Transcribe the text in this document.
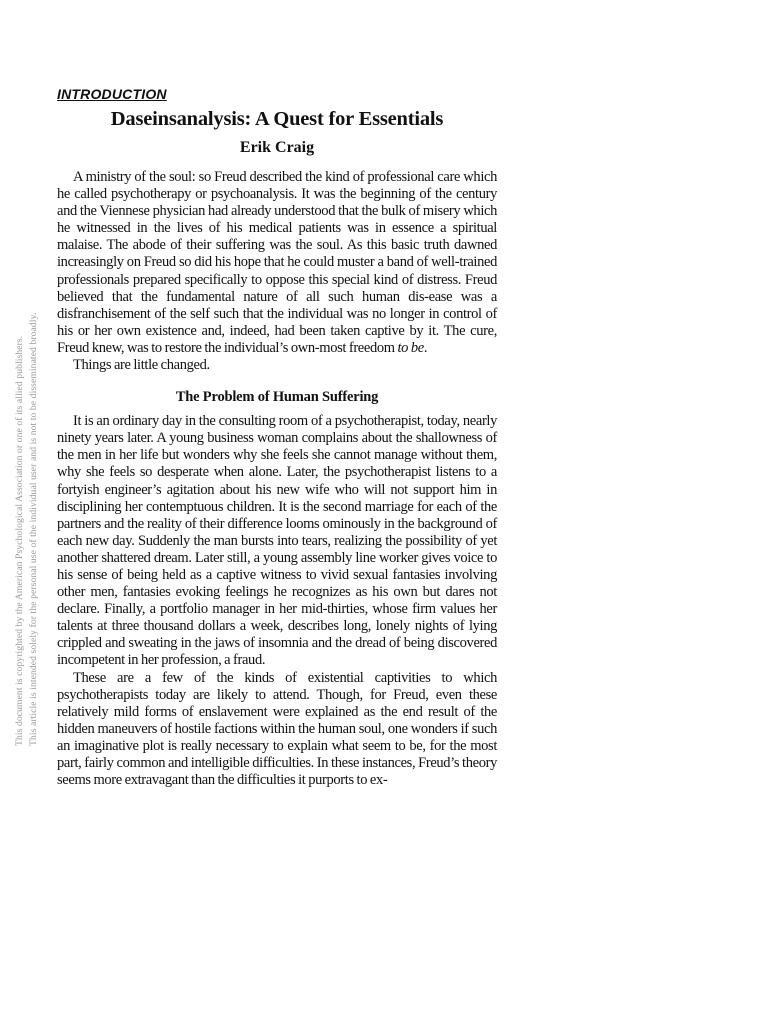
This document is copyrighted by the American Psychological Association or one of its allied publishers. This article is intended solely for the personal use of the individual user and is not to be disseminated broadly.
INTRODUCTION
Daseinsanalysis: A Quest for Essentials
Erik Craig

A ministry of the soul: so Freud described the kind of professional care which he called psychotherapy or psychoanalysis. It was the beginning of the century and the Viennese physician had already understood that the bulk of misery which he witnessed in the lives of his medical patients was in essence a spiritual malaise. The abode of their suffering was the soul. As this basic truth dawned increasingly on Freud so did his hope that he could muster a band of well-trained professionals prepared specifically to oppose this special kind of distress. Freud believed that the fundamental nature of all such human dis-ease was a disfranchisement of the self such that the individual was no longer in control of his or her own existence and, indeed, had been taken captive by it. The cure, Freud knew, was to restore the individual’s own-most freedom to be.

Things are little changed.

The Problem of Human Suffering

It is an ordinary day in the consulting room of a psychotherapist, today, nearly ninety years later. A young business woman complains about the shallowness of the men in her life but wonders why she feels she cannot manage without them, why she feels so desperate when alone. Later, the psychotherapist listens to a fortyish engineer’s agitation about his new wife who will not support him in disciplining her contemptuous children. It is the second marriage for each of the partners and the reality of their difference looms ominously in the background of each new day. Suddenly the man bursts into tears, realizing the possibility of yet another shattered dream. Later still, a young assembly line worker gives voice to his sense of being held as a captive witness to vivid sexual fantasies involving other men, fantasies evoking feelings he recognizes as his own but dares not declare. Finally, a portfolio manager in her mid-thirties, whose firm values her talents at three thousand dollars a week, describes long, lonely nights of lying crippled and sweating in the jaws of insomnia and the dread of being discovered incompetent in her profession, a fraud.

These are a few of the kinds of existential captivities to which psychotherapists today are likely to attend. Though, for Freud, even these relatively mild forms of enslavement were explained as the end result of the hidden maneuvers of hostile factions within the human soul, one wonders if such an imaginative plot is really necessary to explain what seem to be, for the most part, fairly common and intelligible difficulties. In these instances, Freud’s theory seems more extravagant than the difficulties it purports to ex-
